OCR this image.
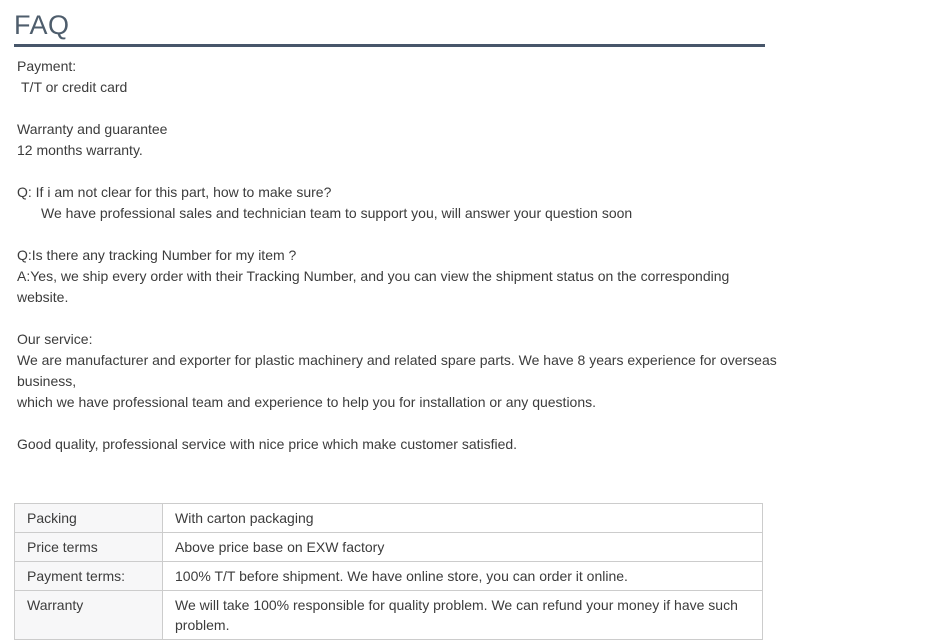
FAQ
Payment:
T/T or credit card
Warranty and guarantee
12 months warranty.
Q: If i am not clear for this part, how to make sure?
We have professional sales and technician team to support you, will answer your question soon
Q:Is there any tracking Number for my item ?
A:Yes, we ship every order with their Tracking Number, and you can view the shipment status on the corresponding
website.
Our service:
We are manufacturer and exporter for plastic machinery and related spare parts. We have 8 years experience for overseas
business,
which we have professional team and experience to help you for installation or any questions.
Good quality, professional service with nice price which make customer satisfied.
Packing	With carton packaging
Price terms	Above price base on EXW factory
Payment terms:	100% T/T before shipment. We have online store, you can order it online.
Warranty	We will take 100% responsible for quality problem. We can refund your money if have such problem.
